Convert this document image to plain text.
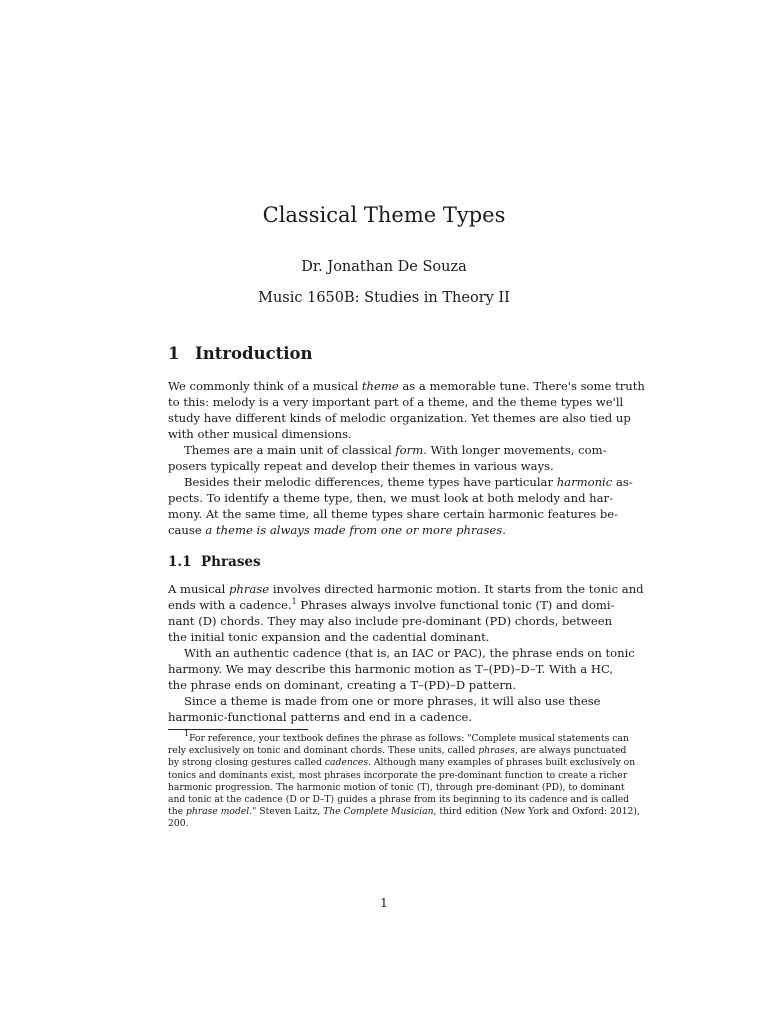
Classical Theme Types
Dr. Jonathan De Souza
Music 1650B: Studies in Theory II
1 Introduction
We commonly think of a musical theme as a memorable tune. There's some truth
to this: melody is a very important part of a theme, and the theme types we'll
study have different kinds of melodic organization. Yet themes are also tied up
with other musical dimensions.
Themes are a main unit of classical form. With longer movements, com-
posers typically repeat and develop their themes in various ways.
Besides their melodic differences, theme types have particular harmonic as-
pects. To identify a theme type, then, we must look at both melody and har-
mony. At the same time, all theme types share certain harmonic features be-
cause a theme is always made from one or more phrases.
1.1 Phrases
A musical phrase involves directed harmonic motion. It starts from the tonic and
ends with a cadence.$^1$ Phrases always involve functional tonic (T) and domi-
nant (D) chords. They may also include pre-dominant (PD) chords, between
the initial tonic expansion and the cadential dominant.
With an authentic cadence (that is, an IAC or PAC), the phrase ends on tonic
harmony. We may describe this harmonic motion as T–(PD)–D–T. With a HC,
the phrase ends on dominant, creating a T–(PD)–D pattern.
Since a theme is made from one or more phrases, it will also use these
harmonic-functional patterns and end in a cadence.
$^1$For reference, your textbook defines the phrase as follows: "Complete musical statements can
rely exclusively on tonic and dominant chords. These units, called phrases, are always punctuated
by strong closing gestures called cadences. Although many examples of phrases built exclusively on
tonics and dominants exist, most phrases incorporate the pre-dominant function to create a richer
harmonic progression. The harmonic motion of tonic (T), through pre-dominant (PD), to dominant
and tonic at the cadence (D or D–T) guides a phrase from its beginning to its cadence and is called
the phrase model." Steven Laitz, The Complete Musician, third edition (New York and Oxford: 2012),
200.
1
